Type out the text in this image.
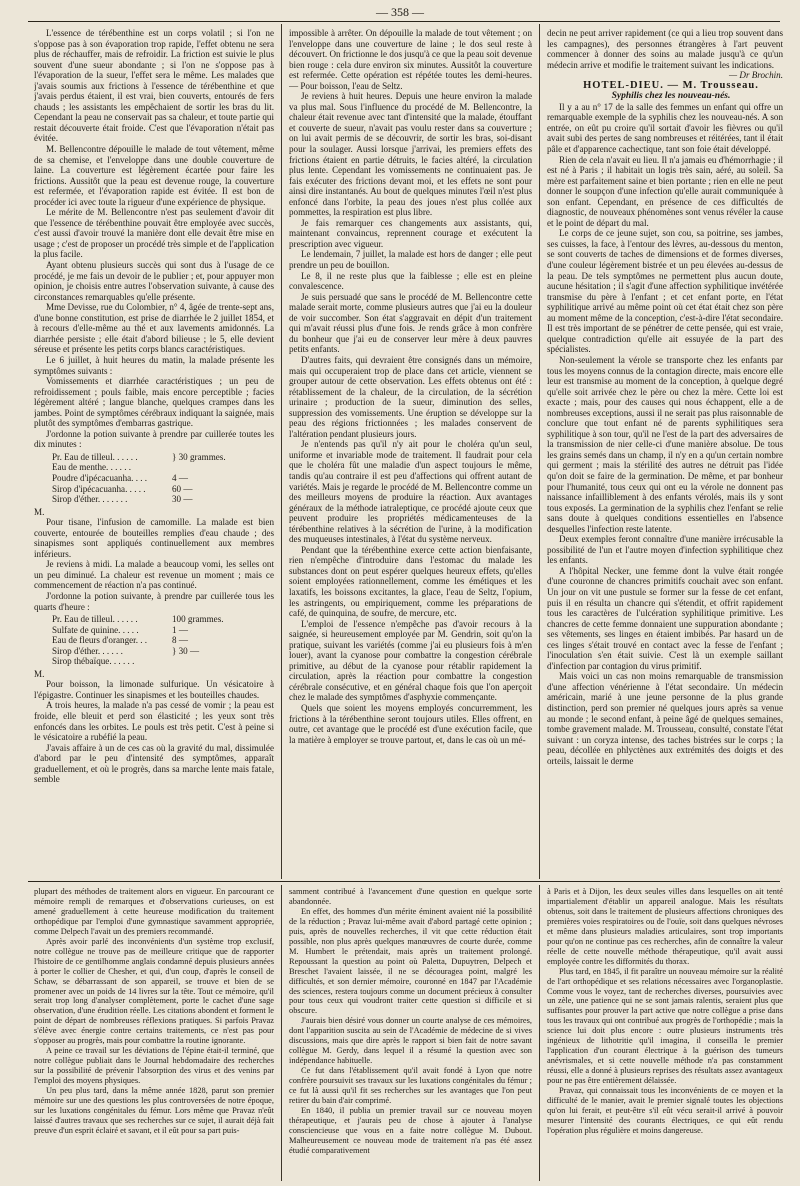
— 358 —

L'essence de térébenthine est un corps volatil ; si l'on ne s'oppose pas à son évaporation trop rapide, l'effet obtenu ne sera plus de réchauffer, mais de refroidir. La friction est suivie le plus souvent d'une sueur abondante ; si l'on ne s'oppose pas à l'évaporation de la sueur, l'effet sera le même. Les malades que j'avais soumis aux frictions à l'essence de térébenthine et que j'avais perdus étaient, il est vrai, bien couverts, entourés de fers chauds ; les assistants les empêchaient de sortir les bras du lit. Cependant la peau ne conservait pas sa chaleur, et toute partie qui restait découverte était froide. C'est que l'évaporation n'était pas évitée.

M. Bellencontre dépouille le malade de tout vêtement, même de sa chemise, et l'enveloppe dans une double couverture de laine. La couverture est légèrement écartée pour faire les frictions. Aussitôt que la peau est devenue rouge, la couverture est refermée, et l'évaporation rapide est évitée. Il est bon de procéder ici avec toute la rigueur d'une expérience de physique.

Le mérite de M. Bellencontre n'est pas seulement d'avoir dit que l'essence de térébenthine pouvait être employée avec succès, c'est aussi d'avoir trouvé la manière dont elle devait être mise en usage ; c'est de proposer un procédé très simple et de l'application la plus facile.

Ayant obtenu plusieurs succès qui sont dus à l'usage de ce procédé, je me fais un devoir de le publier ; et, pour appuyer mon opinion, je choisis entre autres l'observation suivante, à cause des circonstances remarquables qu'elle présente.

Mme Devisse, rue du Colombier, n° 4, âgée de trente-sept ans, d'une bonne constitution, est prise de diarrhée le 2 juillet 1854, et à recours d'elle-même au thé et aux lavements amidonnés. La diarrhée persiste ; elle était d'abord bilieuse ; le 5, elle devient séreuse et présente les petits corps blancs caractéristiques.

Le 6 juillet, à huit heures du matin, la malade présente les symptômes suivants :

Vomissements et diarrhée caractéristiques ; un peu de refroidissement ; pouls faible, mais encore perceptible ; facies légèrement altéré ; langue blanche, quelques crampes dans les jambes. Point de symptômes cérébraux indiquant la saignée, mais plutôt des symptômes d'embarras gastrique.

J'ordonne la potion suivante à prendre par cuillerée toutes les dix minutes :

Pr. Eau de tilleul. . . . . .	} 30 grammes.
Eau de menthe. . . . . .
Poudre d'ipécacuanha. . . .	4 —
Sirop d'ipécacuanha. . . . .	60 —
Sirop d'éther. . . . . . .	30 —

M.

Pour tisane, l'infusion de camomille. La malade est bien couverte, entourée de bouteilles remplies d'eau chaude ; des sinapismes sont appliqués continuellement aux membres inférieurs.

Je reviens à midi. La malade a beaucoup vomi, les selles ont un peu diminué. La chaleur est revenue un moment ; mais ce commencement de réaction n'a pas continué.

J'ordonne la potion suivante, à prendre par cuillerée tous les quarts d'heure :

Pr. Eau de tilleul. . . . . .	100 grammes.
Sulfate de quinine. . . . .	1 —
Eau de fleurs d'oranger. . .	8 —
Sirop d'éther. . . . . .	} 30 —
Sirop thébaïque. . . . . .

M.

Pour boisson, la limonade sulfurique. Un vésicatoire à l'épigastre. Continuer les sinapismes et les bouteilles chaudes.

A trois heures, la malade n'a pas cessé de vomir ; la peau est froide, elle bleuit et perd son élasticité ; les yeux sont très enfoncés dans les orbites. Le pouls est très petit. C'est à peine si le vésicatoire a rubéfié la peau.

J'avais affaire à un de ces cas où la gravité du mal, dissimulée d'abord par le peu d'intensité des symptômes, apparaît graduellement, et où le progrès, dans sa marche lente mais fatale, semble

impossible à arrêter. On dépouille la malade de tout vêtement ; on l'enveloppe dans une couverture de laine ; le dos seul reste à découvert. On frictionne le dos jusqu'à ce que la peau soit devenue bien rouge : cela dure environ six minutes. Aussitôt la couverture est refermée. Cette opération est répétée toutes les demi-heures. — Pour boisson, l'eau de Seltz.

Je reviens à huit heures. Depuis une heure environ la malade va plus mal. Sous l'influence du procédé de M. Bellencontre, la chaleur était revenue avec tant d'intensité que la malade, étouffant et couverte de sueur, n'avait pas voulu rester dans sa couverture ; on lui avait permis de se découvrir, de sortir les bras, soi-disant pour la soulager. Aussi lorsque j'arrivai, les premiers effets des frictions étaient en partie détruits, le facies altéré, la circulation plus lente. Cependant les vomissements ne continuaient pas. Je fais exécuter des frictions devant moi, et les effets ne sont pour ainsi dire instantanés. Au bout de quelques minutes l'œil n'est plus enfoncé dans l'orbite, la peau des joues n'est plus collée aux pommettes, la respiration est plus libre.

Je fais remarquer ces changements aux assistants, qui, maintenant convaincus, reprennent courage et exécutent la prescription avec vigueur.

Le lendemain, 7 juillet, la malade est hors de danger ; elle peut prendre un peu de bouillon.

Le 8, il ne reste plus que la faiblesse ; elle est en pleine convalescence.

Je suis persuadé que sans le procédé de M. Bellencontre cette malade serait morte, comme plusieurs autres que j'ai eu la douleur de voir succomber. Son état s'aggravait en dépit d'un traitement qui m'avait réussi plus d'une fois. Je rends grâce à mon confrère du bonheur que j'ai eu de conserver leur mère à deux pauvres petits enfants.

D'autres faits, qui devraient être consignés dans un mémoire, mais qui occuperaient trop de place dans cet article, viennent se grouper autour de cette observation. Les effets obtenus ont été : rétablissement de la chaleur, de la circulation, de la sécrétion urinaire ; production de la sueur, diminution des selles, suppression des vomissements. Une éruption se développe sur la peau des régions frictionnées ; les malades conservent de l'altération pendant plusieurs jours.

Je n'entends pas qu'il n'y ait pour le choléra qu'un seul, uniforme et invariable mode de traitement. Il faudrait pour cela que le choléra fût une maladie d'un aspect toujours le même, tandis qu'au contraire il est peu d'affections qui offrent autant de variétés. Mais je regarde le procédé de M. Bellencontre comme un des meilleurs moyens de produire la réaction. Aux avantages généraux de la méthode iatraleptique, ce procédé ajoute ceux que peuvent produire les propriétés médicamenteuses de la térébenthine relatives à la sécrétion de l'urine, à la modification des muqueuses intestinales, à l'état du système nerveux.

Pendant que la térébenthine exerce cette action bienfaisante, rien n'empêche d'introduire dans l'estomac du malade les substances dont on peut espérer quelques heureux effets, qu'elles soient employées rationnellement, comme les émétiques et les laxatifs, les boissons excitantes, la glace, l'eau de Seltz, l'opium, les astringents, ou empiriquement, comme les préparations de café, de quinquina, de soufre, de mercure, etc.

L'emploi de l'essence n'empêche pas d'avoir recours à la saignée, si heureusement employée par M. Gendrin, soit qu'on la pratique, suivant les variétés (comme j'ai eu plusieurs fois à m'en louer), avant la cyanose pour combattre la congestion cérébrale primitive, au début de la cyanose pour rétablir rapidement la circulation, après la réaction pour combattre la congestion cérébrale consécutive, et en général chaque fois que l'on aperçoit chez le malade des symptômes d'asphyxie commençante.

Quels que soient les moyens employés concurremment, les frictions à la térébenthine seront toujours utiles. Elles offrent, en outre, cet avantage que le procédé est d'une exécution facile, que la matière à employer se trouve partout, et, dans le cas où un mé-

decin ne peut arriver rapidement (ce qui a lieu trop souvent dans les campagnes), des personnes étrangères à l'art peuvent commencer à donner des soins au malade jusqu'à ce qu'un médecin arrive et modifie le traitement suivant les indications.

— Dr Brochin.

HOTEL-DIEU. — M. Trousseau.

Syphilis chez les nouveau-nés.

Il y a au n° 17 de la salle des femmes un enfant qui offre un remarquable exemple de la syphilis chez les nouveau-nés. A son entrée, on eût pu croire qu'il sortait d'avoir les fièvres ou qu'il avait subi des pertes de sang nombreuses et réitérées, tant il était pâle et d'apparence cachectique, tant son foie était développé.

Rien de cela n'avait eu lieu. Il n'a jamais eu d'hémorrhagie ; il est né à Paris ; il habitait un logis très sain, aéré, au soleil. Sa mère est parfaitement saine et bien portante ; rien en elle ne peut donner le soupçon d'une infection qu'elle aurait communiquée à son enfant. Cependant, en présence de ces difficultés de diagnostic, de nouveaux phénomènes sont venus révéler la cause et le point de départ du mal.

Le corps de ce jeune sujet, son cou, sa poitrine, ses jambes, ses cuisses, la face, à l'entour des lèvres, au-dessous du menton, se sont couverts de taches de dimensions et de formes diverses, d'une couleur légèrement bistrée et un peu élevées au-dessus de la peau. De tels symptômes ne permettent plus aucun doute, aucune hésitation ; il s'agit d'une affection syphilitique invétérée transmise du père à l'enfant ; et cet enfant porte, en l'état syphilitique arrivé au même point où cet état était chez son père au moment même de la conception, c'est-à-dire l'état secondaire. Il est très important de se pénétrer de cette pensée, qui est vraie, quelque contradiction qu'elle ait essuyée de la part des spécialistes.

Non-seulement la vérole se transporte chez les enfants par tous les moyens connus de la contagion directe, mais encore elle leur est transmise au moment de la conception, à quelque degré qu'elle soit arrivée chez le père ou chez la mère. Cette loi est exacte ; mais, pour des causes qui nous échappent, elle a de nombreuses exceptions, aussi il ne serait pas plus raisonnable de conclure que tout enfant né de parents syphilitiques sera syphilitique à son tour, qu'il ne l'est de la part des adversaires de la transmission de nier celle-ci d'une manière absolue. De tous les grains semés dans un champ, il n'y en a qu'un certain nombre qui germent ; mais la stérilité des autres ne détruit pas l'idée qu'on doit se faire de la germination. De même, et par bonheur pour l'humanité, tous ceux qui ont eu la vérole ne donnent pas naissance infailliblement à des enfants vérolés, mais ils y sont tous exposés. La germination de la syphilis chez l'enfant se relie sans doute à quelques conditions essentielles en l'absence desquelles l'infection reste latente.

Deux exemples feront connaître d'une manière irrécusable la possibilité de l'un et l'autre moyen d'infection syphilitique chez les enfants.

A l'hôpital Necker, une femme dont la vulve était rongée d'une couronne de chancres primitifs couchait avec son enfant. Un jour on vit une pustule se former sur la fesse de cet enfant, puis il en résulta un chancre qui s'étendit, et offrit rapidement tous les caractères de l'ulcération syphilitique primitive. Les chancres de cette femme donnaient une suppuration abondante ; ses vêtements, ses linges en étaient imbibés. Par hasard un de ces linges s'était trouvé en contact avec la fesse de l'enfant ; l'inoculation s'en était suivie. C'est là un exemple saillant d'infection par contagion du virus primitif.

Mais voici un cas non moins remarquable de transmission d'une affection vénérienne à l'état secondaire. Un médecin américain, marié à une jeune personne de la plus grande distinction, perd son premier né quelques jours après sa venue au monde ; le second enfant, à peine âgé de quelques semaines, tombe gravement malade. M. Trousseau, consulté, constate l'état suivant : un coryza intense, des taches bistrées sur le corps ; la peau, décollée en phlyctènes aux extrémités des doigts et des orteils, laissait le derme

plupart des méthodes de traitement alors en vigueur. En parcourant ce mémoire rempli de remarques et d'observations curieuses, on est amené graduellement à cette heureuse modification du traitement orthopédique par l'emploi d'une gymnastique savamment appropriée, comme Delpech l'avait un des premiers recommandé.

Après avoir parlé des inconvénients d'un système trop exclusif, notre collègue ne trouve pas de meilleure critique que de rapporter l'histoire de ce gentilhomme anglais condamné depuis plusieurs années à porter le collier de Chesher, et qui, d'un coup, d'après le conseil de Schaw, se débarrassant de son appareil, se trouve et bien de se promener avec un poids de 14 livres sur la tête. Tout ce mémoire, qu'il serait trop long d'analyser complètement, porte le cachet d'une sage observation, d'une érudition réelle. Les citations abondent et forment le point de départ de nombreuses réflexions pratiques. Si parfois Pravaz s'élève avec énergie contre certains traitements, ce n'est pas pour s'opposer au progrès, mais pour combattre la routine ignorante.

A peine ce travail sur les déviations de l'épine était-il terminé, que notre collègue publiait dans le Journal hebdomadaire des recherches sur la possibilité de prévenir l'absorption des virus et des venins par l'emploi des moyens physiques.

Un peu plus tard, dans la même année 1828, parut son premier mémoire sur une des questions les plus controversées de notre époque, sur les luxations congénitales du fémur. Lors même que Pravaz n'eût laissé d'autres travaux que ses recherches sur ce sujet, il aurait déjà fait preuve d'un esprit éclairé et savant, et il eût pour sa part puis-

samment contribué à l'avancement d'une question en quelque sorte abandonnée.

En effet, des hommes d'un mérite éminent avaient nié la possibilité de la réduction ; Pravaz lui-même avait d'abord partagé cette opinion ; puis, après de nouvelles recherches, il vit que cette réduction était possible, non plus après quelques manœuvres de courte durée, comme M. Humbert le prétendait, mais après un traitement prolongé. Repoussant la question au point où Paletta, Dupuytren, Delpech et Breschet l'avaient laissée, il ne se découragea point, malgré les difficultés, et son dernier mémoire, couronné en 1847 par l'Académie des sciences, restera toujours comme un document précieux à consulter pour tous ceux qui voudront traiter cette question si difficile et si obscure.

J'aurais bien désiré vous donner un courte analyse de ces mémoires, dont l'apparition suscita au sein de l'Académie de médecine de si vives discussions, mais que dire après le rapport si bien fait de notre savant collègue M. Gerdy, dans lequel il a résumé la question avec son indépendance habituelle.

Ce fut dans l'établissement qu'il avait fondé à Lyon que notre confrère poursuivit ses travaux sur les luxations congénitales du fémur ; ce fut là aussi qu'il fit ses recherches sur les avantages que l'on peut retirer du bain d'air comprimé.

En 1840, il publia un premier travail sur ce nouveau moyen thérapeutique, et j'aurais peu de chose à ajouter à l'analyse consciencieuse que vous en a faite notre collègue M. Dubout. Malheureusement ce nouveau mode de traitement n'a pas été assez étudié comparativement

à Paris et à Dijon, les deux seules villes dans lesquelles on ait tenté impartialement d'établir un appareil analogue. Mais les résultats obtenus, soit dans le traitement de plusieurs affections chroniques des premières voies respiratoires ou de l'ouïe, soit dans quelques névroses et même dans plusieurs maladies articulaires, sont trop importants pour qu'on ne continue pas ces recherches, afin de connaître la valeur réelle de cette nouvelle méthode thérapeutique, qu'il avait aussi employée contre les difformités du thorax.

Plus tard, en 1845, il fit paraître un nouveau mémoire sur la réalité de l'art orthopédique et ses relations nécessaires avec l'organoplastie. Comme vous le voyez, tant de recherches diverses, poursuivies avec un zèle, une patience qui ne se sont jamais ralentis, seraient plus que suffisantes pour prouver la part active que notre collègue a prise dans tous les travaux qui ont contribué aux progrès de l'orthopédie ; mais la science lui doit plus encore : outre plusieurs instruments très ingénieux de lithotritie qu'il imagina, il conseilla le premier l'application d'un courant électrique à la guérison des tumeurs anévrismales, et si cette nouvelle méthode n'a pas constamment réussi, elle a donné à plusieurs reprises des résultats assez avantageux pour ne pas être entièrement délaissée.

Pravaz, qui connaissait tous les inconvénients de ce moyen et la difficulté de le manier, avait le premier signalé toutes les objections qu'on lui ferait, et peut-être s'il eût vécu serait-il arrivé à pouvoir mesurer l'intensité des courants électriques, ce qui eût rendu l'opération plus régulière et moins dangereuse.
